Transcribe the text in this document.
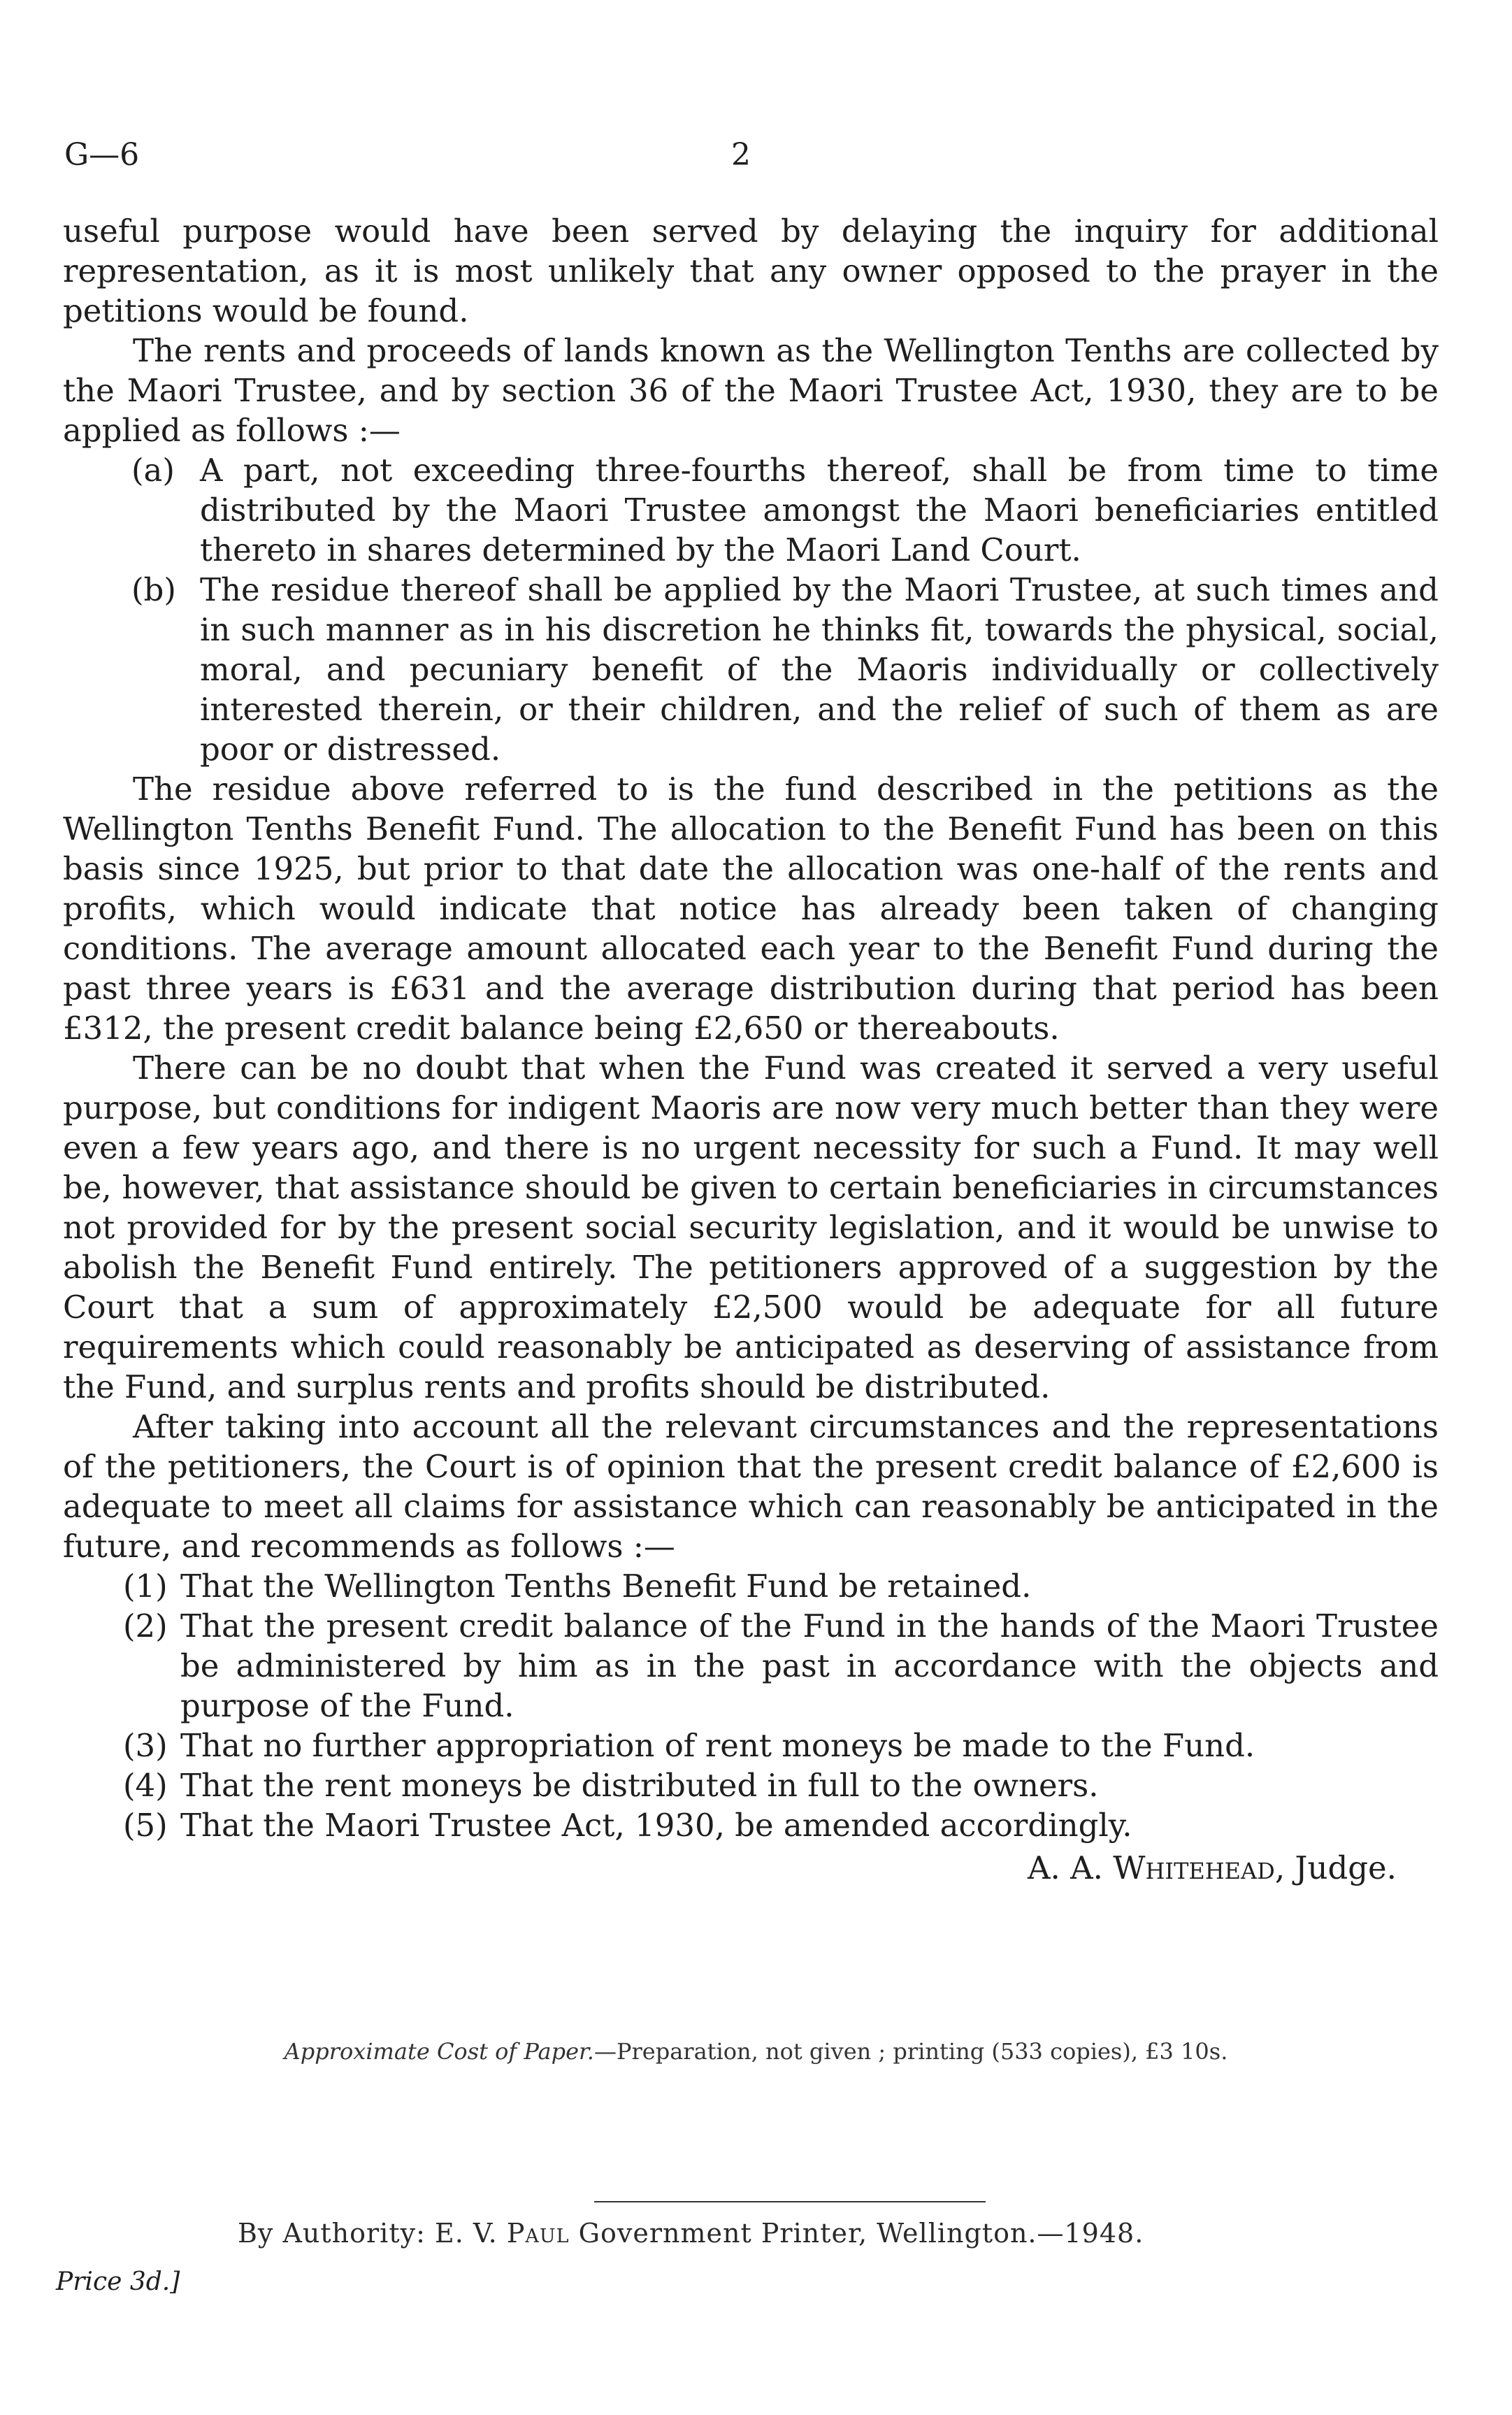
G—6	2

useful purpose would have been served by delaying the inquiry for additional representation, as it is most unlikely that any owner opposed to the prayer in the petitions would be found.

The rents and proceeds of lands known as the Wellington Tenths are collected by the Maori Trustee, and by section 36 of the Maori Trustee Act, 1930, they are to be applied as follows :—

(a) A part, not exceeding three-fourths thereof, shall be from time to time distributed by the Maori Trustee amongst the Maori beneficiaries entitled thereto in shares determined by the Maori Land Court.

(b) The residue thereof shall be applied by the Maori Trustee, at such times and in such manner as in his discretion he thinks fit, towards the physical, social, moral, and pecuniary benefit of the Maoris individually or collectively interested therein, or their children, and the relief of such of them as are poor or distressed.

The residue above referred to is the fund described in the petitions as the Wellington Tenths Benefit Fund. The allocation to the Benefit Fund has been on this basis since 1925, but prior to that date the allocation was one-half of the rents and profits, which would indicate that notice has already been taken of changing conditions. The average amount allocated each year to the Benefit Fund during the past three years is £631 and the average distribution during that period has been £312, the present credit balance being £2,650 or thereabouts.

There can be no doubt that when the Fund was created it served a very useful purpose, but conditions for indigent Maoris are now very much better than they were even a few years ago, and there is no urgent necessity for such a Fund. It may well be, however, that assistance should be given to certain beneficiaries in circumstances not provided for by the present social security legislation, and it would be unwise to abolish the Benefit Fund entirely. The petitioners approved of a suggestion by the Court that a sum of approximately £2,500 would be adequate for all future requirements which could reasonably be anticipated as deserving of assistance from the Fund, and surplus rents and profits should be distributed.

After taking into account all the relevant circumstances and the representations of the petitioners, the Court is of opinion that the present credit balance of £2,600 is adequate to meet all claims for assistance which can reasonably be anticipated in the future, and recommends as follows :—

(1) That the Wellington Tenths Benefit Fund be retained.

(2) That the present credit balance of the Fund in the hands of the Maori Trustee be administered by him as in the past in accordance with the objects and purpose of the Fund.

(3) That no further appropriation of rent moneys be made to the Fund.

(4) That the rent moneys be distributed in full to the owners.

(5) That the Maori Trustee Act, 1930, be amended accordingly.

A. A. Whitehead, Judge.

Approximate Cost of Paper.—Preparation, not given ; printing (533 copies), £3 10s.
By Authority: E. V. Paul Government Printer, Wellington.—1948.
Price 3d.]
